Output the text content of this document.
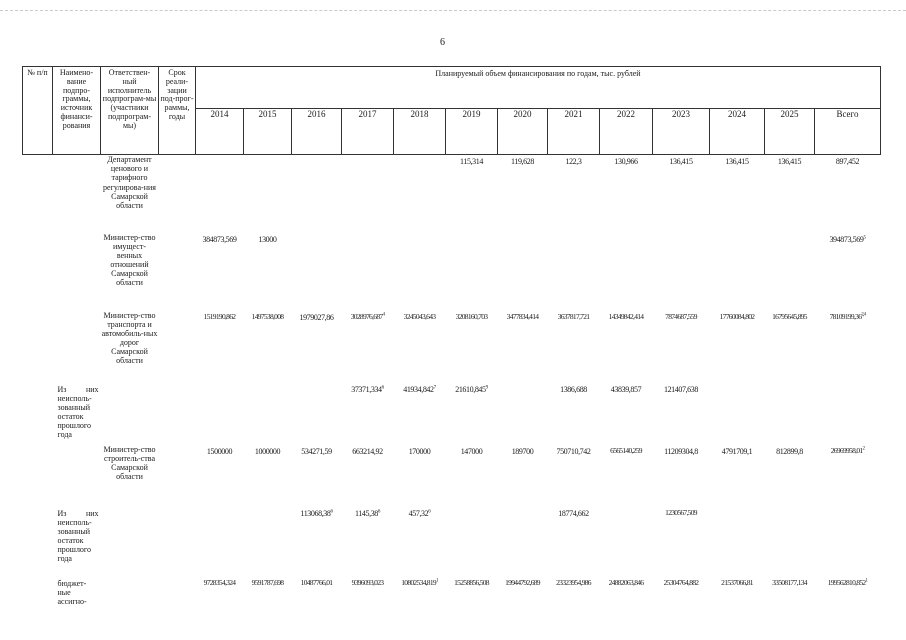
6
№ п/п	Наимено-вание подпро-граммы, источник финанси-рования	Ответствен-ный исполнитель подпрограм-мы (участники подпрограм-мы)	Срок реали-зации под-прог-раммы, годы	Планируемый объем финансирования по годам, тыс. рублей												
				2014	2015	2016	2017	2018	2019	2020	2021	2022	2023	2024	2025	Всего
		Департамент ценового и тарифного регулирова-ния Самарской области							115,314	119,628	122,3	130,966	136,415	136,415	136,415	897,452
		Министер-ство имущест-венных отношений Самарской области		384873,569	13000											394873,569$^5$
		Министер-ство транспорта и автомобиль-ных дорог Самарской области		1519190,862	1497538,008	1979027,86	3028976,687$^4$	3245043,643	3208160,703	3477834,414	3637817,721	14349842,414	7874687,559	17760084,802	16795645,895	78109199,36$^{2,4}$
	Из них неисполь-зованный остаток прошлого года						37371,334$^6$	41934,842$^7$	21610,845$^9$		1386,688	43839,857	121407,638			
		Министер-ство строитель-ства Самарской области		1500000	1000000	534271,59	663214,92	170000	147000	189700	750710,742	6565140,259	11209304,8	4791709,1	812899,8	26969958,01$^2$
	Из них неисполь-зованный остаток прошлого года					113068,38$^6$	1145,38$^6$	457,32$^6$			18774,662		1230567,509			
	бюджет-ные ассигно-			9728354,324	9591787,698	10487766,01	9396093,023	10802534,819$^1$	15258856,508	19944792,689	23323954,986	24882063,846	25304764,882	21537066,81	33508177,134	199562810,852$^1$
